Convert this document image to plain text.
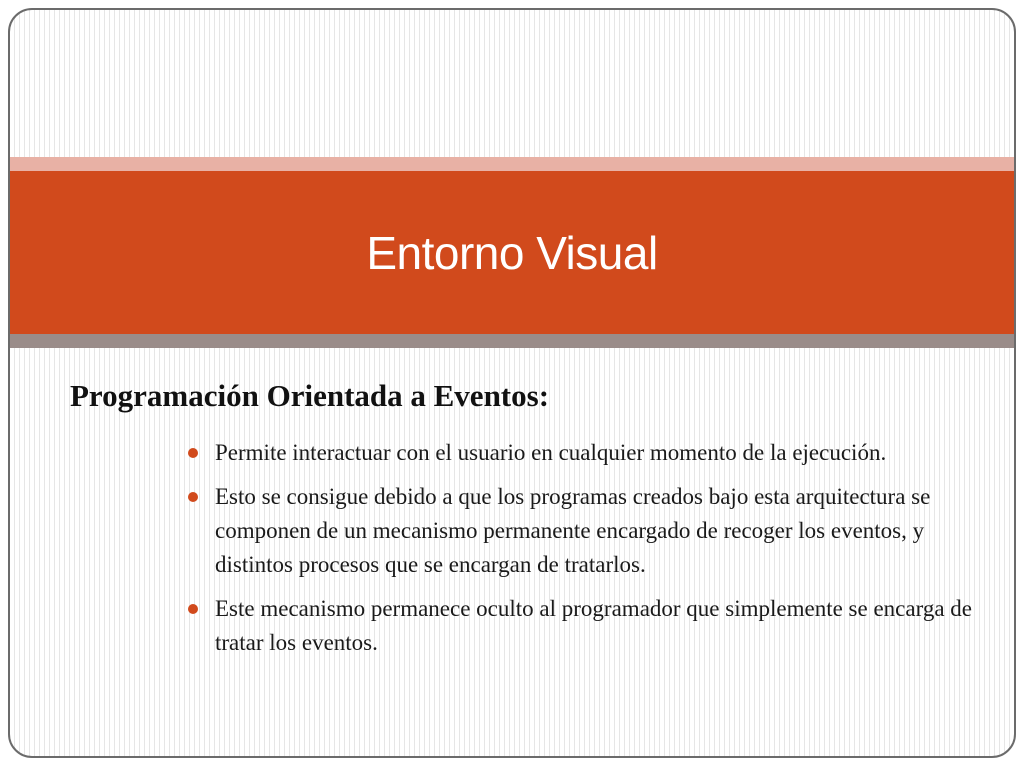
Entorno Visual
Programación Orientada a Eventos:
Permite interactuar con el usuario en cualquier momento de la ejecución.
Esto se consigue debido a que los programas creados bajo esta arquitectura se componen de un mecanismo permanente encargado de recoger los eventos, y distintos procesos que se encargan de tratarlos.
Este mecanismo permanece oculto al programador que simplemente se encarga de tratar los eventos.
